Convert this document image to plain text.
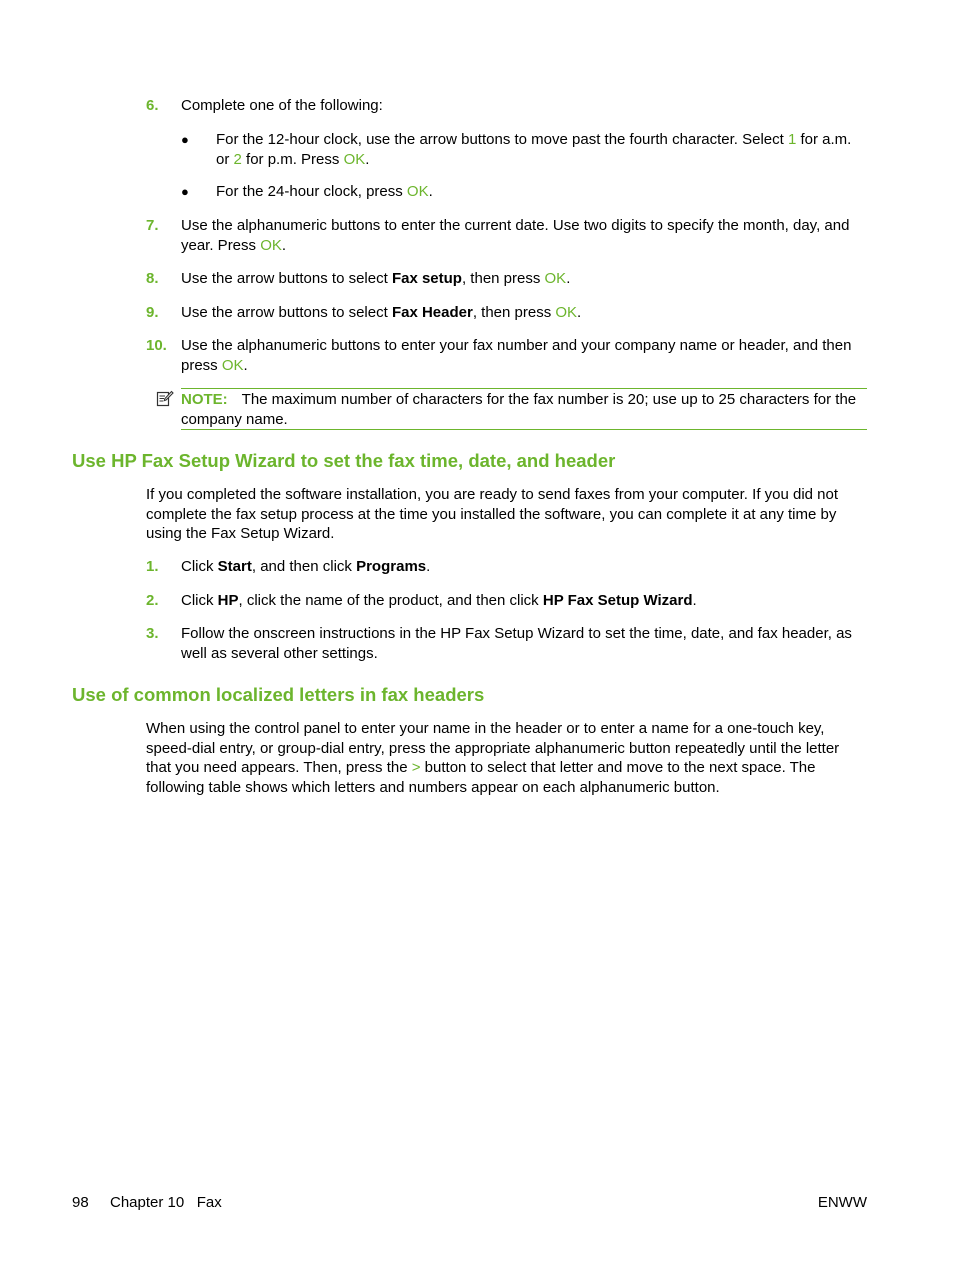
6. Complete one of the following:
● For the 12-hour clock, use the arrow buttons to move past the fourth character. Select 1 for a.m. or 2 for p.m. Press OK.
● For the 24-hour clock, press OK.
7. Use the alphanumeric buttons to enter the current date. Use two digits to specify the month, day, and year. Press OK.
8. Use the arrow buttons to select Fax setup, then press OK.
9. Use the arrow buttons to select Fax Header, then press OK.
10. Use the alphanumeric buttons to enter your fax number and your company name or header, and then press OK.
NOTE: The maximum number of characters for the fax number is 20; use up to 25 characters for the company name.
Use HP Fax Setup Wizard to set the fax time, date, and header
If you completed the software installation, you are ready to send faxes from your computer. If you did not complete the fax setup process at the time you installed the software, you can complete it at any time by using the Fax Setup Wizard.
1. Click Start, and then click Programs.
2. Click HP, click the name of the product, and then click HP Fax Setup Wizard.
3. Follow the onscreen instructions in the HP Fax Setup Wizard to set the time, date, and fax header, as well as several other settings.
Use of common localized letters in fax headers
When using the control panel to enter your name in the header or to enter a name for a one-touch key, speed-dial entry, or group-dial entry, press the appropriate alphanumeric button repeatedly until the letter that you need appears. Then, press the > button to select that letter and move to the next space. The following table shows which letters and numbers appear on each alphanumeric button.
98 Chapter 10   Fax	ENWW
